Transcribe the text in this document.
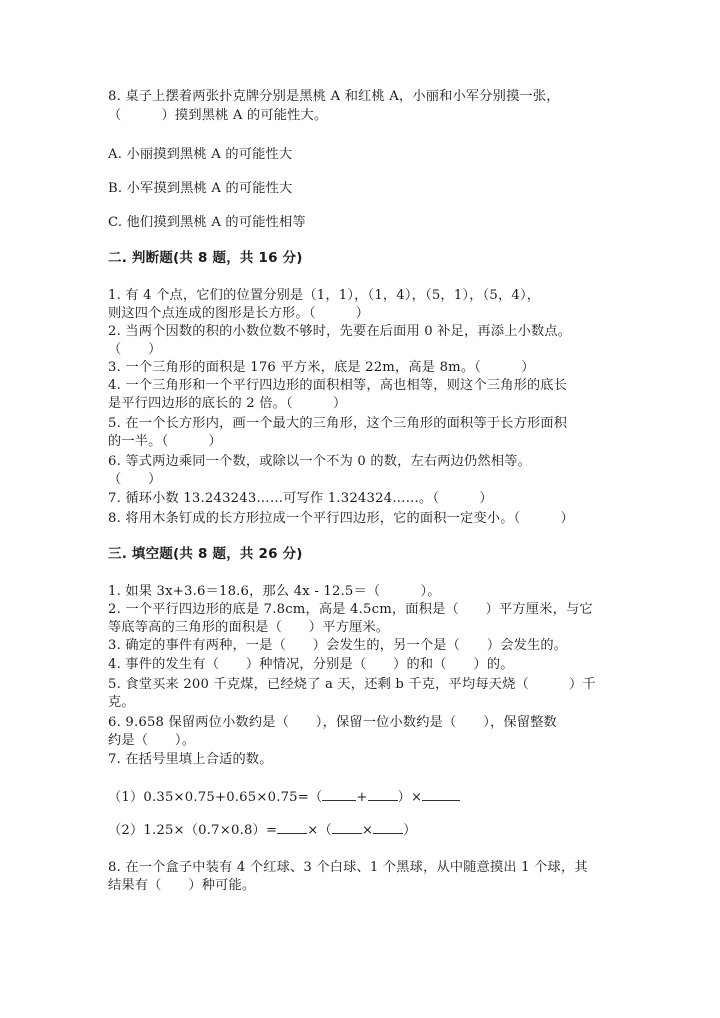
8. 桌子上摆着两张扑克牌分别是黑桃 A 和红桃 A，小丽和小军分别摸一张，
（　　　）摸到黑桃 A 的可能性大。
A. 小丽摸到黑桃 A 的可能性大
B. 小军摸到黑桃 A 的可能性大
C. 他们摸到黑桃 A 的可能性相等
二. 判断题(共 8 题，共 16 分)
1. 有 4 个点，它们的位置分别是（1，1），（1，4），（5，1），（5，4），
则这四个点连成的图形是长方形。（　　　）
2. 当两个因数的积的小数位数不够时，先要在后面用 0 补足，再添上小数点。
（　　）
3. 一个三角形的面积是 176 平方米，底是 22m，高是 8m。（　　　）
4. 一个三角形和一个平行四边形的面积相等，高也相等，则这个三角形的底长
是平行四边形的底长的 2 倍。（　　　）
5. 在一个长方形内，画一个最大的三角形，这个三角形的面积等于长方形面积
的一半。（　　　）
6. 等式两边乘同一个数，或除以一个不为 0 的数，左右两边仍然相等。
（　　）
7. 循环小数 13.243243……可写作 1.324324……。（　　　）
8. 将用木条钉成的长方形拉成一个平行四边形，它的面积一定变小。（　　　）
三. 填空题(共 8 题，共 26 分)
1. 如果 3x+3.6＝18.6，那么 4x - 12.5＝（　　　）。
2. 一个平行四边形的底是 7.8cm，高是 4.5cm，面积是（　　）平方厘米，与它
等底等高的三角形的面积是（　　）平方厘米。
3. 确定的事件有两种，一是（　　）会发生的，另一个是（　　）会发生的。
4. 事件的发生有（　　）种情况，分别是（　　）的和（　　）的。
5. 食堂买来 200 千克煤，已经烧了 a 天，还剩 b 千克，平均每天烧（　　　）千
克。
6. 9.658 保留两位小数约是（　　），保留一位小数约是（　　），保留整数
约是（　　）。
7. 在括号里填上合适的数。
（1）0.35×0.75+0.65×0.75=（	+ ）×
（2）1.25×（0.7×0.8）= ×（ × ）
8. 在一个盒子中装有 4 个红球、3 个白球、1 个黑球，从中随意摸出 1 个球，其
结果有（　　）种可能。
